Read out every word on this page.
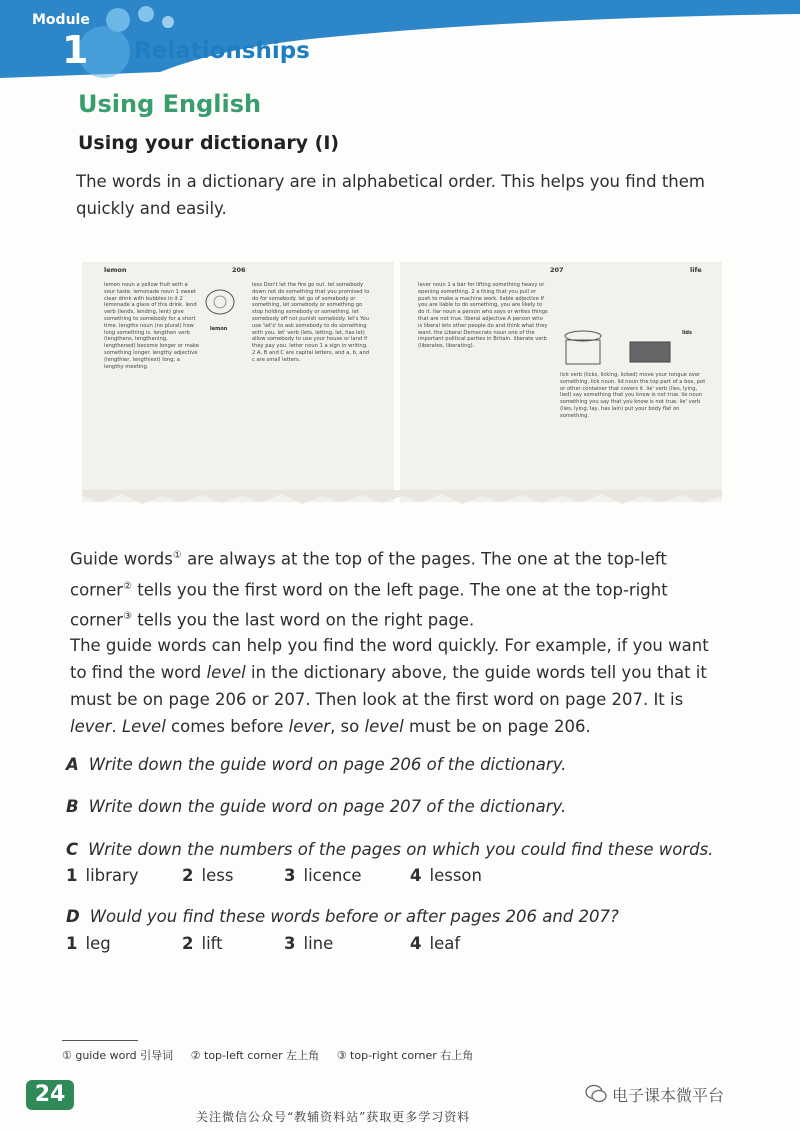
Module
1 Relationships
Using English
Using your dictionary (I)
The words in a dictionary are in alphabetical order. This helps you find them quickly and easily.
lemon	206
lemon noun a yellow fruit with a sour taste. lemonade noun 1 sweet clear drink with bubbles in it 2 lemonade a glass of this drink. lend verb (lends, lending, lent) give something to somebody for a short time. lengths noun (no plural) how long something is. lengthen verb (lengthens, lengthening, lengthened) become longer or make something longer. lengthy adjective (lengthier, lengthiest) long; a lengthy meeting.
lemon
less Don't let the fire go out. let somebody down not do something that you promised to do for somebody. let go of somebody or something, let somebody or something go stop holding somebody or something. let somebody off not punish somebody. let's You use 'let's' to ask somebody to do something with you. let' verb (lets, letting, let, has let) allow somebody to use your house or land if they pay you. letter noun 1 a sign in writing. 2 A, B and C are capital letters, and a, b, and c are small letters.
207	life
lever noun 1 a bar for lifting something heavy or opening something. 2 a thing that you pull or push to make a machine work. liable adjective If you are liable to do something, you are likely to do it. liar noun a person who says or writes things that are not true. liberal adjective A person who is liberal lets other people do and think what they want. the Liberal Democrats noun one of the important political parties in Britain. liberate verb (liberates, liberating).
lids
lick verb (licks, licking, licked) move your tongue over something. lick noun. lid noun the top part of a box, pot or other container that covers it. lie' verb (lies, lying, lied) say something that you know is not true. lie noun something you say that you know is not true. lie' verb (lies, lying, lay, has lain) put your body flat on something.
Guide words① are always at the top of the pages. The one at the top-left corner② tells you the first word on the left page. The one at the top-right corner③ tells you the last word on the right page.
The guide words can help you find the word quickly. For example, if you want to find the word level in the dictionary above, the guide words tell you that it must be on page 206 or 207. Then look at the first word on page 207. It is lever. Level comes before lever, so level must be on page 206.
A Write down the guide word on page 206 of the dictionary.
B Write down the guide word on page 207 of the dictionary.
C Write down the numbers of the pages on which you could find these words.
1 library	2 less	3 licence	4 lesson
D Would you find these words before or after pages 206 and 207?
1 leg	2 lift	3 line	4 leaf
① guide word 引导词 ② top-left corner 左上角 ③ top-right corner 右上角
24	电子课本微平台
关注微信公众号“教辅资料站”获取更多学习资料
